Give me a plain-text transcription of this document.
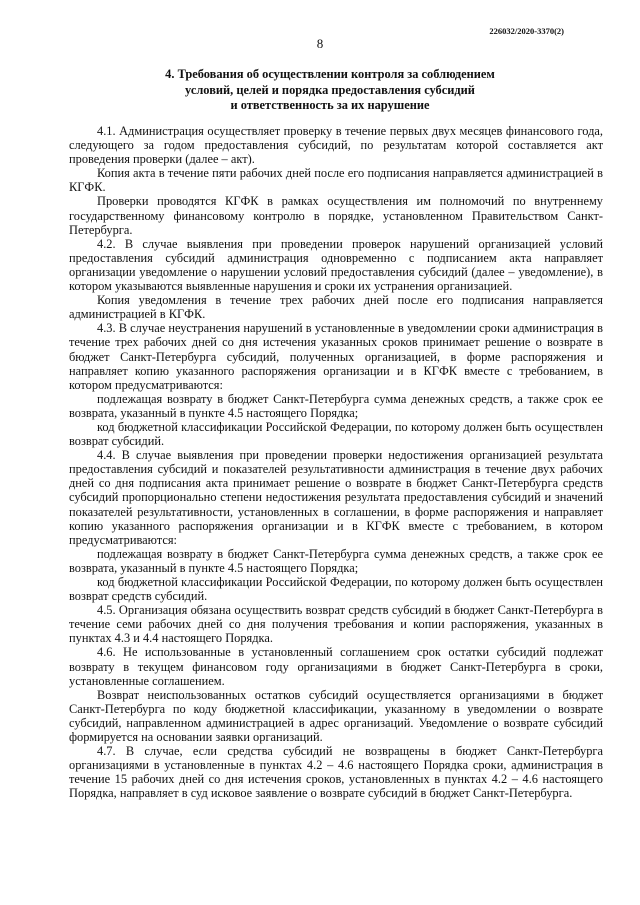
226032/2020-3370(2)
8
4. Требования об осуществлении контроля за соблюдением
условий, целей и порядка предоставления субсидий
и ответственность за их нарушение

4.1. Администрация осуществляет проверку в течение первых двух месяцев финансового года, следующего за годом предоставления субсидий, по результатам которой составляется акт проведения проверки (далее – акт).

Копия акта в течение пяти рабочих дней после его подписания направляется администрацией в КГФК.

Проверки проводятся КГФК в рамках осуществления им полномочий по внутреннему государственному финансовому контролю в порядке, установленном Правительством Санкт-Петербурга.

4.2. В случае выявления при проведении проверок нарушений организацией условий предоставления субсидий администрация одновременно с подписанием акта направляет организации уведомление о нарушении условий предоставления субсидий (далее – уведомление), в котором указываются выявленные нарушения и сроки их устранения организацией.

Копия уведомления в течение трех рабочих дней после его подписания направляется администрацией в КГФК.

4.3. В случае неустранения нарушений в установленные в уведомлении сроки администрация в течение трех рабочих дней со дня истечения указанных сроков принимает решение о возврате в бюджет Санкт-Петербурга субсидий, полученных организацией, в форме распоряжения и направляет копию указанного распоряжения организации и в КГФК вместе с требованием, в котором предусматриваются:

подлежащая возврату в бюджет Санкт-Петербурга сумма денежных средств, а также срок ее возврата, указанный в пункте 4.5 настоящего Порядка;

код бюджетной классификации Российской Федерации, по которому должен быть осуществлен возврат субсидий.

4.4. В случае выявления при проведении проверки недостижения организацией результата предоставления субсидий и показателей результативности администрация в течение двух рабочих дней со дня подписания акта принимает решение о возврате в бюджет Санкт-Петербурга средств субсидий пропорционально степени недостижения результата предоставления субсидий и значений показателей результативности, установленных в соглашении, в форме распоряжения и направляет копию указанного распоряжения организации и в КГФК вместе с требованием, в котором предусматриваются:

подлежащая возврату в бюджет Санкт-Петербурга сумма денежных средств, а также срок ее возврата, указанный в пункте 4.5 настоящего Порядка;

код бюджетной классификации Российской Федерации, по которому должен быть осуществлен возврат средств субсидий.

4.5. Организация обязана осуществить возврат средств субсидий в бюджет Санкт-Петербурга в течение семи рабочих дней со дня получения требования и копии распоряжения, указанных в пунктах 4.3 и 4.4 настоящего Порядка.

4.6. Не использованные в установленный соглашением срок остатки субсидий подлежат возврату в текущем финансовом году организациями в бюджет Санкт-Петербурга в сроки, установленные соглашением.

Возврат неиспользованных остатков субсидий осуществляется организациями в бюджет Санкт-Петербурга по коду бюджетной классификации, указанному в уведомлении о возврате субсидий, направленном администрацией в адрес организаций. Уведомление о возврате субсидий формируется на основании заявки организаций.

4.7. В случае, если средства субсидий не возвращены в бюджет Санкт-Петербурга организациями в установленные в пунктах 4.2 – 4.6 настоящего Порядка сроки, администрация в течение 15 рабочих дней со дня истечения сроков, установленных в пунктах 4.2 – 4.6 настоящего Порядка, направляет в суд исковое заявление о возврате субсидий в бюджет Санкт-Петербурга.
